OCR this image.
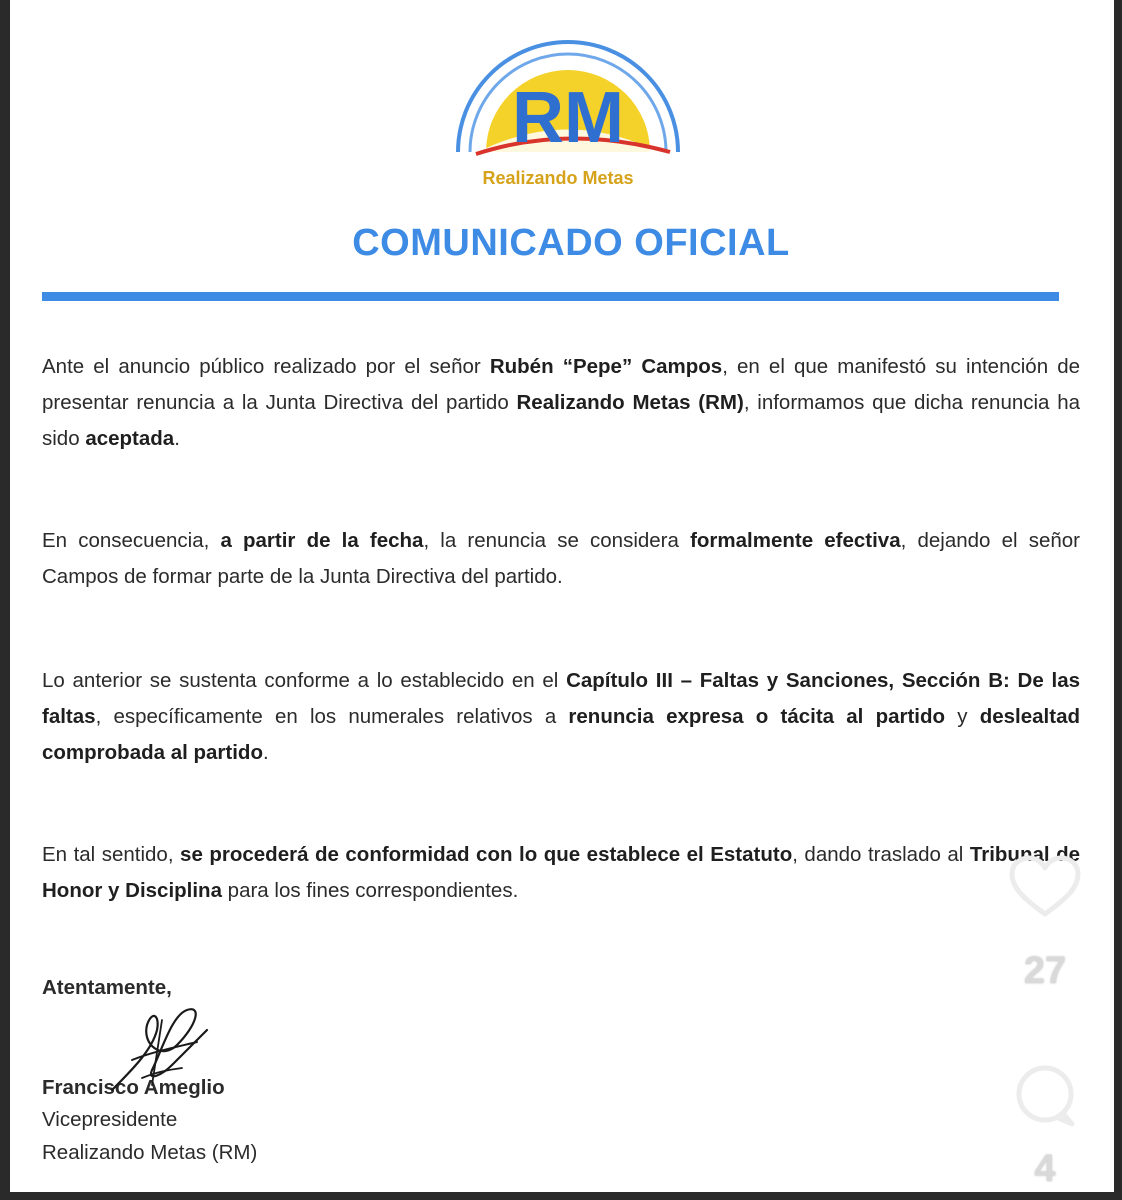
RM
Realizando Metas
COMUNICADO OFICIAL
Ante el anuncio público realizado por el señor Rubén “Pepe” Campos, en el que manifestó su intención de presentar renuncia a la Junta Directiva del partido Realizando Metas (RM), informamos que dicha renuncia ha sido aceptada.
En consecuencia, a partir de la fecha, la renuncia se considera formalmente efectiva, dejando el señor Campos de formar parte de la Junta Directiva del partido.
Lo anterior se sustenta conforme a lo establecido en el Capítulo III – Faltas y Sanciones, Sección B: De las faltas, específicamente en los numerales relativos a renuncia expresa o tácita al partido y deslealtad comprobada al partido.
En tal sentido, se procederá de conformidad con lo que establece el Estatuto, dando traslado al Tribunal de Honor y Disciplina para los fines correspondientes.
Atentamente,
Francisco Ameglio
Vicepresidente
Realizando Metas (RM)
27
4
